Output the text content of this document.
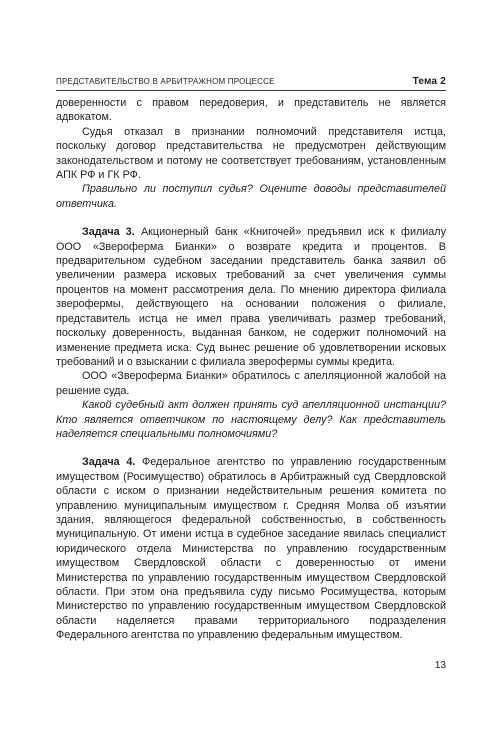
ПРЕДСТАВИТЕЛЬСТВО В АРБИТРАЖНОМ ПРОЦЕССЕ	Тема 2

доверенности с правом передоверия, и представитель не является адвокатом.

Судья отказал в признании полномочий представителя истца, поскольку договор представительства не предусмотрен действующим законодательством и потому не соответствует требованиям, установленным АПК РФ и ГК РФ.

Правильно ли поступил судья? Оцените доводы представителей ответчика.

Задача 3. Акционерный банк «Книгочей» предъявил иск к филиалу ООО «Звероферма Бианки» о возврате кредита и процентов. В предварительном судебном заседании представитель банка заявил об увеличении размера исковых требований за счет увеличения суммы процентов на момент рассмотрения дела. По мнению директора филиала зверофермы, действующего на основании положения о филиале, представитель истца не имел права увеличивать размер требований, поскольку доверенность, выданная банком, не содержит полномочий на изменение предмета иска. Суд вынес решение об удовлетворении исковых требований и о взыскании с филиала зверофермы суммы кредита.

ООО «Звероферма Бианки» обратилось с апелляционной жалобой на решение суда.

Какой судебный акт должен принять суд апелляционной инстанции? Кто является ответчиком по настоящему делу? Как представитель наделяется специальными полномочиями?

Задача 4. Федеральное агентство по управлению государственным имуществом (Росимущество) обратилось в Арбитражный суд Свердловской области с иском о признании недействительным решения комитета по управлению муниципальным имуществом г. Средняя Молва об изъятии здания, являющегося федеральной собственностью, в собственность муниципальную. От имени истца в судебное заседание явилась специалист юридического отдела Министерства по управлению государственным имуществом Свердловской области с доверенностью от имени Министерства по управлению государственным имуществом Свердловской области. При этом она предъявила суду письмо Росимущества, которым Министерство по управлению государственным имуществом Свердловской области наделяется правами территориального подразделения Федерального агентства по управлению федеральным имуществом.

13
